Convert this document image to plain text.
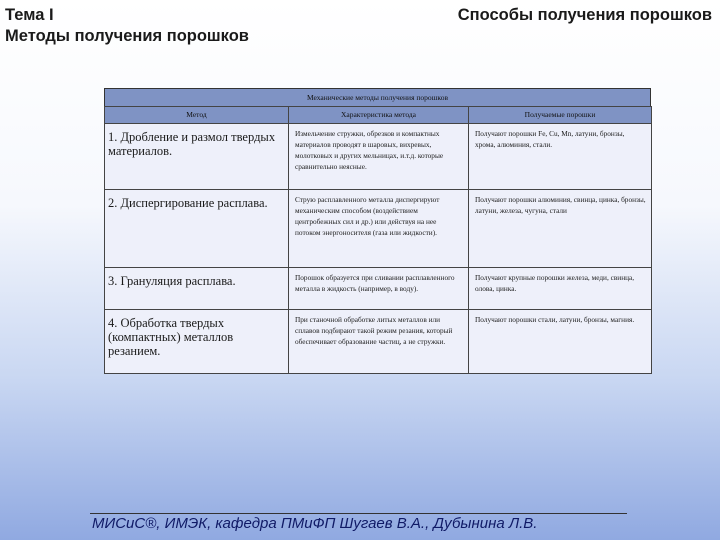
Тема I
Методы получения порошков
Способы получения порошков
Механические методы получения порошков
Метод	Характеристика метода	Получаемые порошки
1. Дробление и размол твердых материалов.	Измельчение стружки, обрезков и компактных материалов проводят в шаровых, вихревых, молотковых и других мельницах, и.т.д. которые сравнительно неясные.	Получают порошки Fe, Cu, Mn, латуни, бронзы, хрома, алюминия, стали.
2. Диспергирование расплава.	Струю расплавленного металла диспергируют механическим способом (воздействием центробежных сил и др.) или действуя на нее потоком энергоносителя (газа или жидкости).	Получают порошки алюминия, свинца, цинка, бронзы, латуни, железа, чугуна, стали
3. Грануляция расплава.	Порошок образуется при сливании расплавленного металла в жидкость (например, в воду).	Получают крупные порошки железа, меди, свинца, олова, цинка.
4. Обработка твердых (компактных) металлов резанием.	При станочной обработке литых металлов или сплавов подбирают такой режим резания, который обеспечивает образование частиц, а не стружки.	Получают порошки стали, латуни, бронзы, магния.
МИСиС®, ИМЭК, кафедра ПМиФП Шугаев В.А., Дубынина Л.В.
